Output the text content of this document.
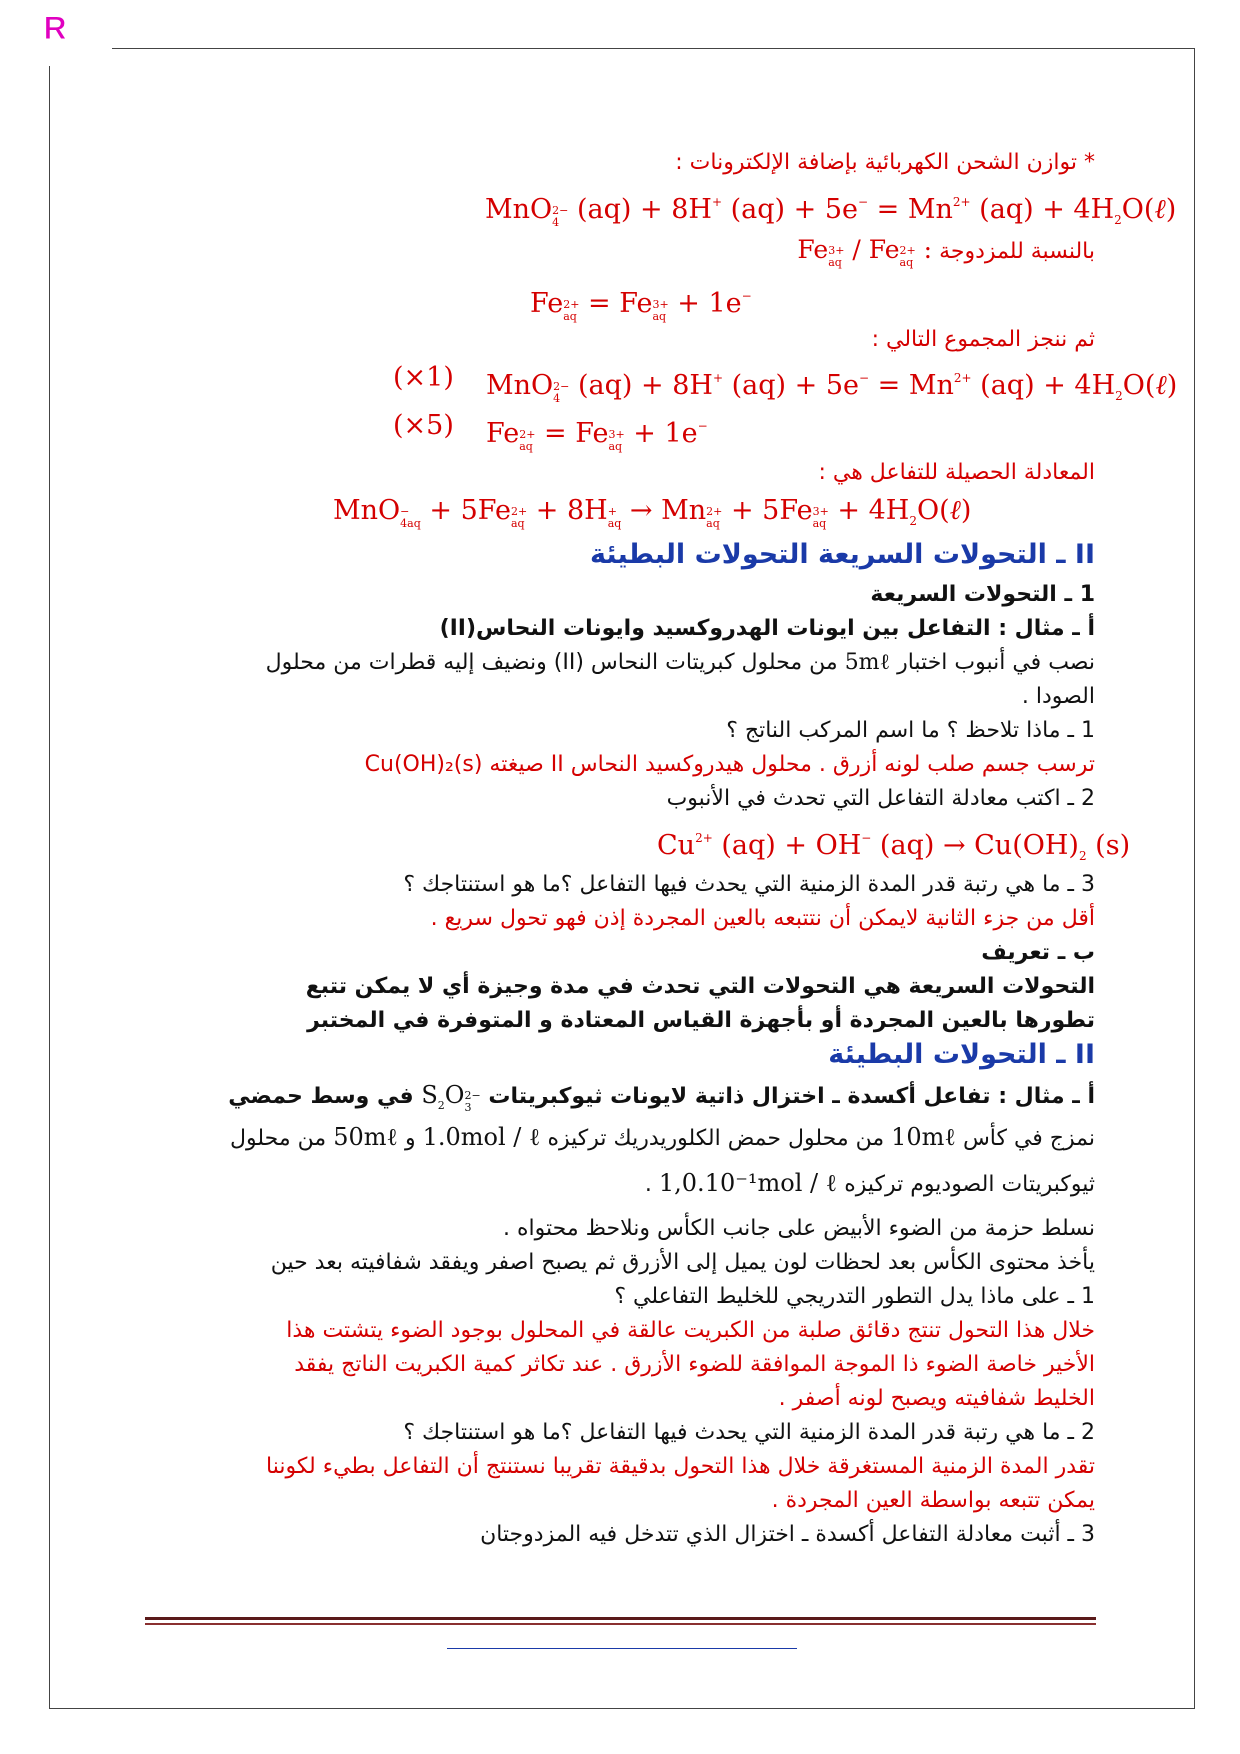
R
* توازن الشحن الكهربائية بإضافة الإلكترونات :
MnO 2−
4 (aq) + 8H+ $(aq) + 5e^- = Mn^{2+}$ $(aq) + 4H_2O(\ell)$
بالنسبة للمزدوجة Fe 3+
aq / Fe 2+
aq :
Fe 2+
aq = Fe 3+
aq + 1e−
ثم ننجز المجموع التالي :
(×1) MnO 2−
4 (aq) + 8H+ $(aq) + 5e^- = Mn^{2+}$ $(aq) + 4H_2O(\ell)$
(×5) Fe 2+
aq = Fe 3+
aq + 1e−
المعادلة الحصيلة للتفاعل هي :
MnO −
4aq + 5Fe 2+
aq + 8H +
aq → Mn 2+
aq + 5Fe 3+
aq + $4H_2O(\ell)$
II ـ التحولات السريعة التحولات البطيئة
1 ـ التحولات السريعة
أ ـ مثال : التفاعل بين ايونات الهدروكسيد وايونات النحاس(II)
نصب في أنبوب اختبار 5mℓ من محلول كبريتات النحاس (II) ونضيف إليه قطرات من محلول
الصودا .
1 ـ ماذا تلاحظ ؟ ما اسم المركب الناتج ؟
ترسب جسم صلب لونه أزرق . محلول هيدروكسيد النحاس II صيغته Cu(OH)₂(s)
2 ـ اكتب معادلة التفاعل التي تحدث في الأنبوب
$Cu^{2+}$ (aq) + OH− $(aq) \to Cu(OH)_2$ (s)
3 ـ ما هي رتبة قدر المدة الزمنية التي يحدث فيها التفاعل ؟ما هو استنتاجك ؟
أقل من جزء الثانية لايمكن أن نتتبعه بالعين المجردة إذن فهو تحول سريع .
ب ـ تعريف
التحولات السريعة هي التحولات التي تحدث في مدة وجيزة أي لا يمكن تتبع
تطورها بالعين المجردة أو بأجهزة القياس المعتادة و المتوفرة في المختبر
II ـ التحولات البطيئة
أ ـ مثال : تفاعل أكسدة ـ اختزال ذاتية لايونات ثيوكبريتات $S_2O$ 2−
3
في وسط حمضي
نمزج في كأس 10mℓ من محلول حمض الكلوريدريك تركيزه 1.0mol / ℓ و 50mℓ من محلول
ثيوكبريتات الصوديوم تركيزه 1,0.10⁻¹mol / ℓ .
نسلط حزمة من الضوء الأبيض على جانب الكأس ونلاحظ محتواه .
يأخذ محتوى الكأس بعد لحظات لون يميل إلى الأزرق ثم يصبح اصفر ويفقد شفافيته بعد حين
1 ـ على ماذا يدل التطور التدريجي للخليط التفاعلي ؟
خلال هذا التحول تنتج دقائق صلبة من الكبريت عالقة في المحلول بوجود الضوء يتشتت هذا
الأخير خاصة الضوء ذا الموجة الموافقة للضوء الأزرق . عند تكاثر كمية الكبريت الناتج يفقد
الخليط شفافيته ويصبح لونه أصفر .
2 ـ ما هي رتبة قدر المدة الزمنية التي يحدث فيها التفاعل ؟ما هو استنتاجك ؟
تقدر المدة الزمنية المستغرقة خلال هذا التحول بدقيقة تقريبا نستنتج أن التفاعل بطيء لكوننا
يمكن تتبعه بواسطة العين المجردة .
3 ـ أثبت معادلة التفاعل أكسدة ـ اختزال الذي تتدخل فيه المزدوجتان
